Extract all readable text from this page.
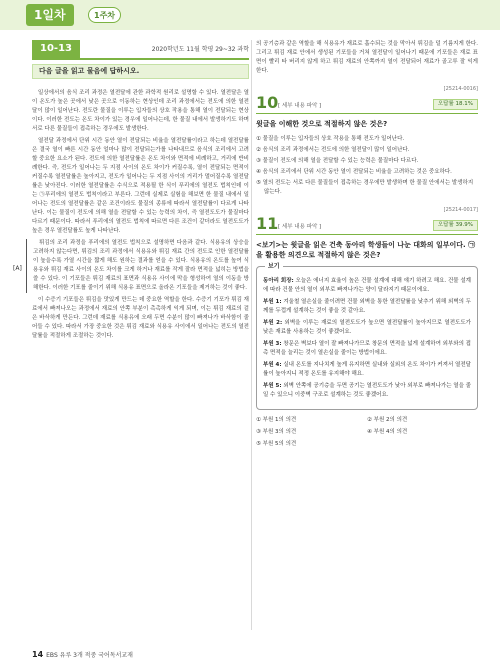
1일차	1주차
10-13	2020학년도 11월 학평 29~32 과학
다음 글을 읽고 물음에 답하시오.

일상에서의 음식 조리 과정은 열전달에 관한 과학적 원리로 설명할 수 있다. 열전달은 열이 온도가 높은 곳에서 낮은 곳으로 이동하는 현상인데 조리 과정에서는 전도에 의한 열전달이 많이 일어난다. 전도란 물질을 이루는 입자들의 상호 작용을 통해 열이 전달되는 현상이다. 이러한 전도는 온도 차이가 있는 경우에 일어나는데, 한 물질 내에서 발생하기도 하며 서로 다른 물질들이 접촉하는 경우에도 발생한다.

열전달 과정에서 단위 시간 동안 열이 전달되는 비율을 열전달률이라고 하는데 열전달률은 결국 열이 빠른 시간 동안 얼마나 많이 전달되는가를 나타내므로 음식의 조리에서 고려할 중요한 요소가 된다. 전도에 의한 열전달률은 온도 차이와 면적에 비례하고, 거리에 반비례한다. 즉, 전도가 일어나는 두 지점 사이의 온도 차이가 커질수록, 열이 전달되는 면적이 커질수록 열전달률은 높아지고, 전도가 일어나는 두 지점 사이의 거리가 멀어질수록 열전달률은 낮아진다. 이러한 열전달률은 수식으로 적용될 한 식이 푸리에의 열전도 법칙인데 이는 ㉠푸리에의 열전도 법칙이라고 부른다. 그런데 실제로 실험을 해보면 한 물질 내에서 일어나는 전도의 열전달률은 같은 조건이라도 물질의 종류에 따라서 열전달률이 다르게 나타난다. 이는 물질이 전도에 의해 열을 전달할 수 있는 능력의 차이, 즉 열전도도가 물질마다 다르기 때문이다. 따라서 푸리에의 열전도 법칙에 따르면 다른 조건이 같더라도 열전도도가 높은 경우 열전달률도 높게 나타난다.

[A]

튀김의 조리 과정을 푸리에의 열전도 법칙으로 설명하면 다음과 같다. 식용유의 상승을 고려하지 않는다면, 튀김의 조리 과정에서 식용유와 튀김 재료 간의 전도로 인한 열전달률이 높을수록 가열 시간을 짧게 해도 원하는 결과를 얻을 수 있다. 식용유의 온도를 높여 식용유와 튀김 재료 사이의 온도 차이를 크게 하거나 재료를 작게 잘라 면적을 넓히는 방법을 쓸 수 있다. 이 기포들은 튀김 재료의 표면과 식용유 사이에 막을 형성하여 열의 이동을 방해한다. 이러한 기포를 줄이기 위해 식용유 표면으로 올라온 기포들을 제거하는 것이 좋다.

이 수증기 기포들은 튀김을 맛있게 만드는 데 중요한 역할을 한다. 수증기 기포가 튀김 재료에서 빠져나오는 과정에서 재료의 안쪽 부분이 촉촉하게 익게 되며, 이는 튀김 재료의 겉은 바삭하게 만든다. 그런데 재료를 식용유에 오래 두면 수분이 많이 빠져나가 바삭함이 줄어들 수 있다. 따라서 가장 중요한 것은 튀김 재료와 식용유 사이에서 일어나는 전도의 열전달률을 적절하게 조절하는 것이다.

의 공기층과 같은 역할을 해 식용유가 재료로 흡수되는 것을 막아서 튀김을 덜 기름지게 한다. 그리고 튀김 재료 안에서 생성된 기포들을 거쳐 열전달이 일어나기 때문에 기포들은 재료 표면이 빨리 타 버리지 않게 하고 튀김 재료의 안쪽까지 열이 전달되어 재료가 골고루 잘 익게 한다.
10 [ 세부 내용 파악 ]
[25214-0016]
오답률 18.1%
윗글을 이해한 것으로 적절하지 않은 것은?
① 물질을 이루는 입자들의 상호 작용을 통해 전도가 일어난다.
② 음식의 조리 과정에서는 전도에 의한 열전달이 많이 일어난다.
③ 물질이 전도에 의해 열을 전달할 수 있는 능력은 물질마다 다르다.
④ 음식의 조리에서 단위 시간 동안 열이 전달되는 비율을 고려하는 것은 중요하다.
⑤ 열의 전도는 서로 다른 물질들이 접촉하는 경우에만 발생하며 한 물질 안에서는 발생하지 않는다.
11 [ 세부 내용 파악 ]
[25214-0017]
오답률 39.9%
<보기>는 윗글을 읽은 건축 동아리 학생들이 나눈 대화의 일부이다. ㉠을 활용한 의견으로 적절하지 않은 것은?
보기

동아리 회장: 오늘은 에너지 효율이 높은 건물 설계에 대해 얘기 하려고 해요. 건물 설계에 따라 건물 안의 열이 외부로 빠져나가는 양이 달라지기 때문이에요.

부원 1: 겨울철 열손실을 줄이려면 건물 외벽을 통한 열전달률을 낮추기 위해 외벽의 두께를 두껍게 설계하는 것이 좋을 것 같아요.

부원 2: 외벽을 이루는 재료의 열전도도가 높으면 열전달률이 높아지므로 열전도도가 낮은 재료를 사용하는 것이 좋겠어요.

부원 3: 창문은 벽보다 열이 잘 빠져나가므로 창문의 면적을 넓게 설계하여 외부와의 접촉 면적을 늘리는 것이 열손실을 줄이는 방법이에요.

부원 4: 실내 온도를 지나치게 높게 유지하면 실내와 실외의 온도 차이가 커져서 열전달률이 높아지니 적정 온도를 유지해야 해요.

부원 5: 외벽 안쪽에 공기층을 두면 공기는 열전도도가 낮아 외부로 빠져나가는 열을 줄일 수 있으니 이중벽 구조로 설계하는 것도 좋겠어요.

① 부원 1의 의견	② 부원 2의 의견
③ 부원 3의 의견	④ 부원 4의 의견
⑤ 부원 5의 의견
14 EBS 유루 3개 적중 국어독서교재
